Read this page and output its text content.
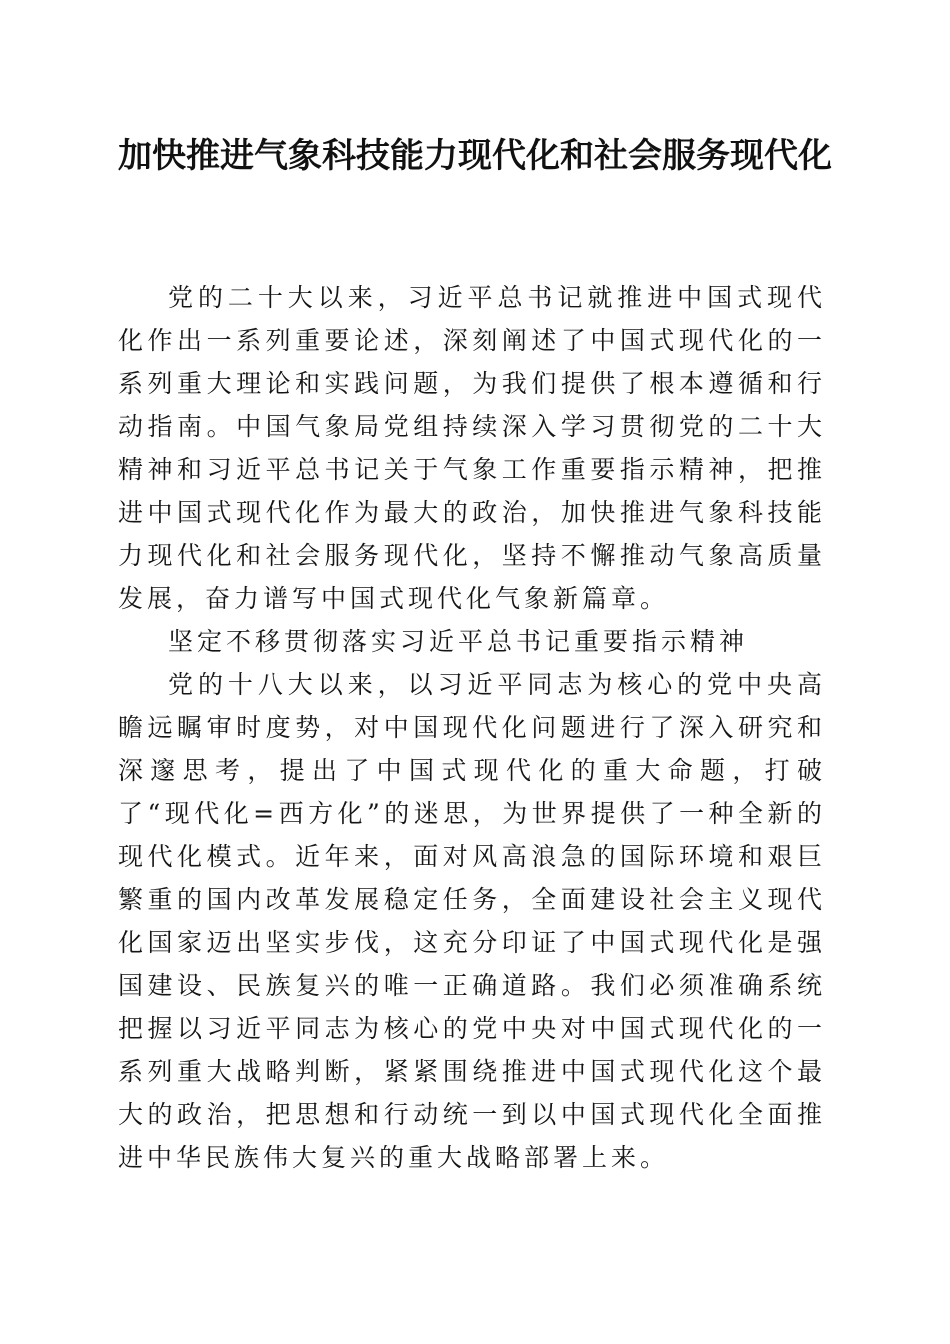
加快推进气象科技能力现代化和社会服务现代化

党的二十大以来，习近平总书记就推进中国式现代化作出一系列重要论述，深刻阐述了中国式现代化的一系列重大理论和实践问题，为我们提供了根本遵循和行动指南。中国气象局党组持续深入学习贯彻党的二十大精神和习近平总书记关于气象工作重要指示精神，把推进中国式现代化作为最大的政治，加快推进气象科技能力现代化和社会服务现代化，坚持不懈推动气象高质量发展，奋力谱写中国式现代化气象新篇章。

坚定不移贯彻落实习近平总书记重要指示精神

党的十八大以来，以习近平同志为核心的党中央高瞻远瞩审时度势，对中国现代化问题进行了深入研究和深邃思考，提出了中国式现代化的重大命题，打破了“现代化=西方化”的迷思，为世界提供了一种全新的现代化模式。近年来，面对风高浪急的国际环境和艰巨繁重的国内改革发展稳定任务，全面建设社会主义现代化国家迈出坚实步伐，这充分印证了中国式现代化是强国建设、民族复兴的唯一正确道路。我们必须准确系统把握以习近平同志为核心的党中央对中国式现代化的一系列重大战略判断，紧紧围绕推进中国式现代化这个最大的政治，把思想和行动统一到以中国式现代化全面推进中华民族伟大复兴的重大战略部署上来。
